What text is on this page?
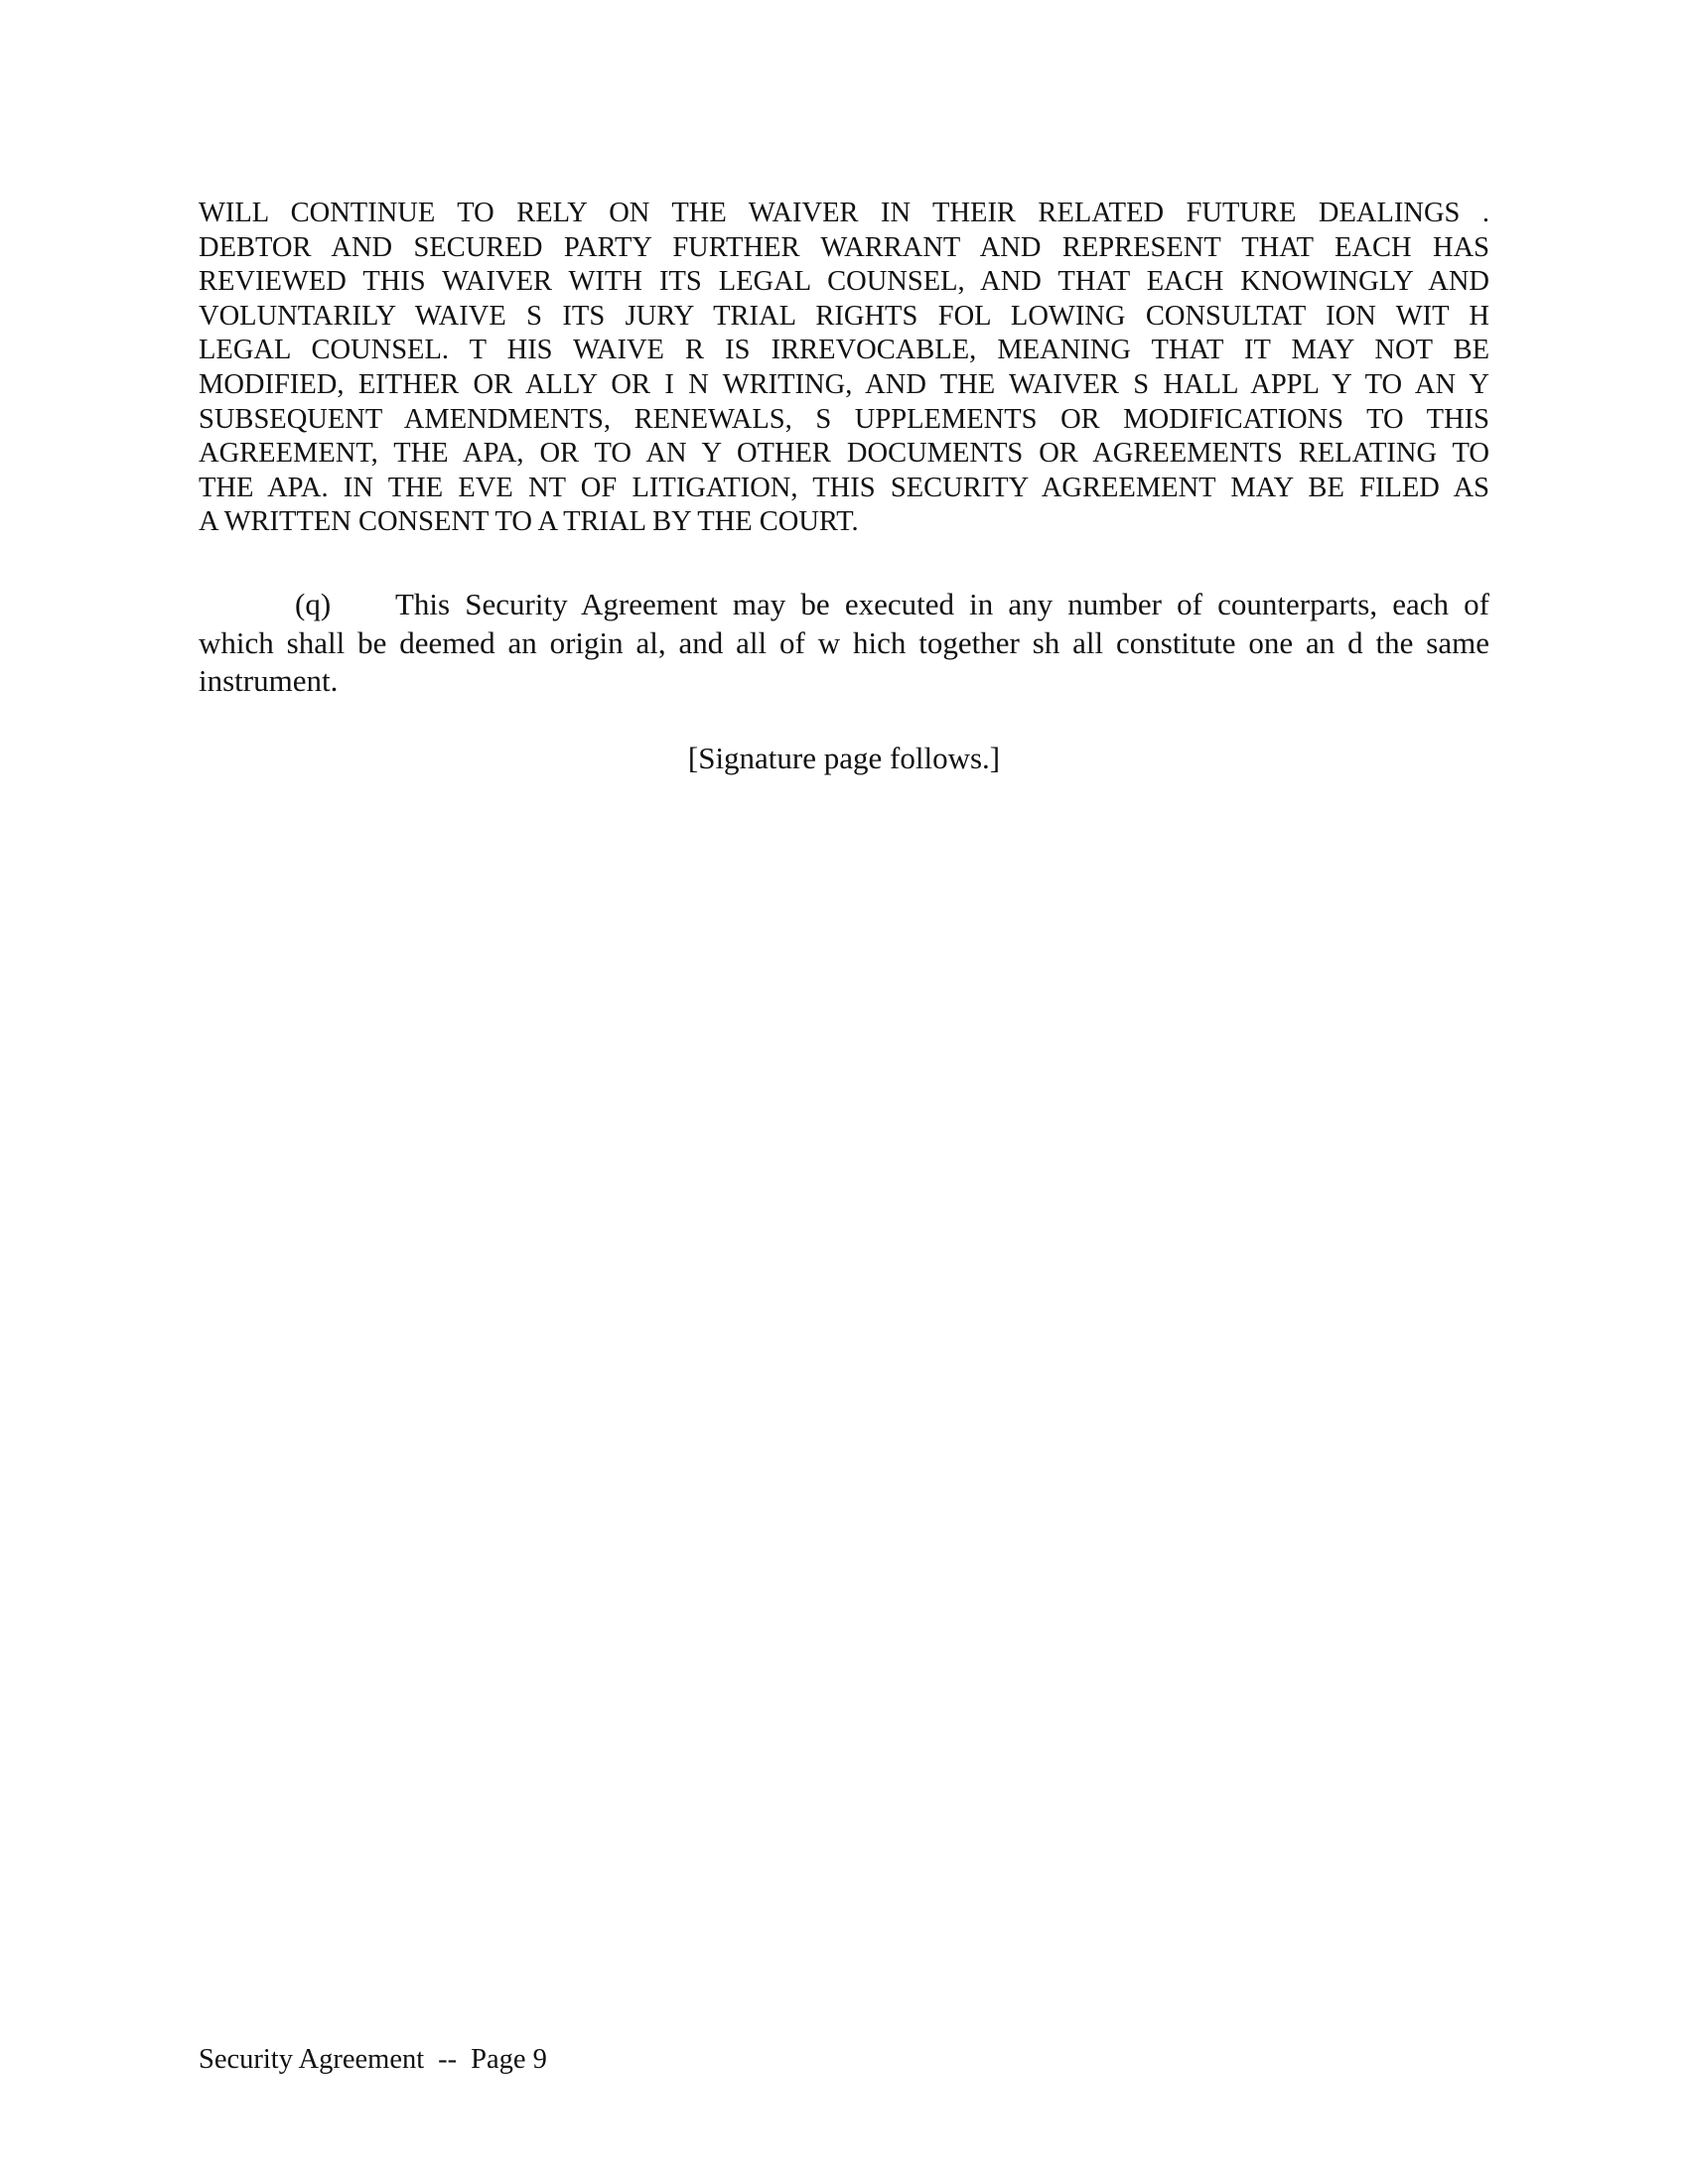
WILL CONTINUE TO RELY ON THE WAIVER IN THEIR RELATED FUTURE DEALINGS .
DEBTOR AND SECURED PARTY FURTHER WARRANT AND REPRESENT THAT EACH HAS
REVIEWED THIS WAIVER WITH ITS LEGAL COUNSEL, AND THAT EACH KNOWINGLY AND
VOLUNTARILY WAIVE S ITS JURY TRIAL RIGHTS FOL LOWING CONSULTAT ION WIT H
LEGAL COUNSEL. T HIS WAIVE R IS IRREVOCABLE, MEANING THAT IT MAY NOT BE
MODIFIED, EITHER OR ALLY OR I N WRITING, AND THE WAIVER S HALL APPL Y TO AN Y
SUBSEQUENT AMENDMENTS, RENEWALS, S UPPLEMENTS OR MODIFICATIONS TO THIS
AGREEMENT, THE APA, OR TO AN Y OTHER DOCUMENTS OR AGREEMENTS RELATING TO
THE APA. IN THE EVE NT OF LITIGATION, THIS SECURITY AGREEMENT MAY BE FILED AS
A WRITTEN CONSENT TO A TRIAL BY THE COURT.
(q) This Security Agreement may be executed in any number of counterparts, each of
which shall be deemed an origin al, and all of w hich together sh all constitute one an d the same
instrument.
[Signature page follows.]
Security Agreement -- Page 9
